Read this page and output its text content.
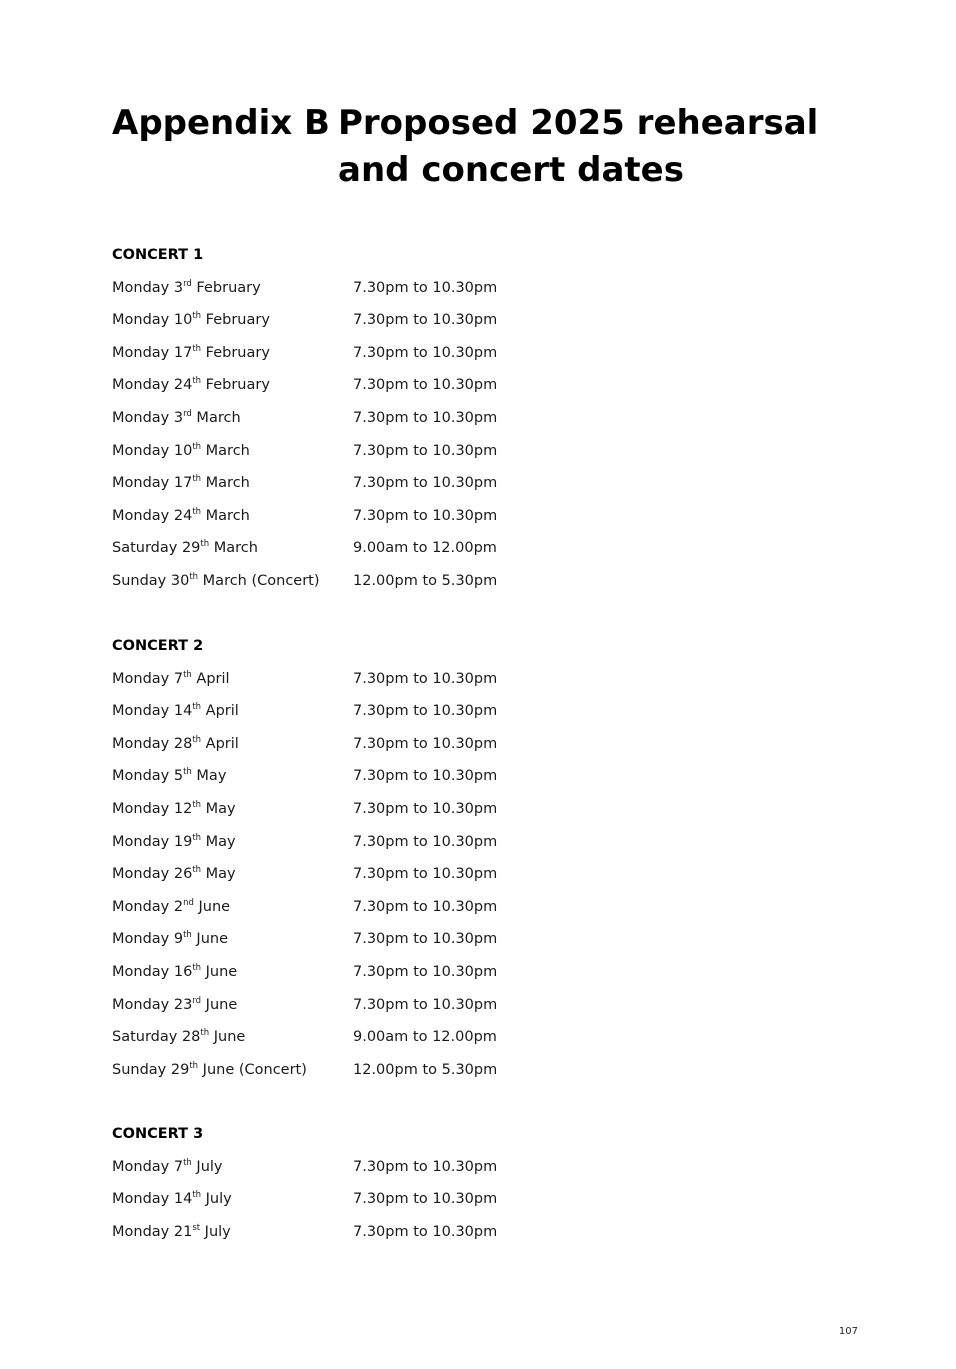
Appendix B Proposed 2025 rehearsal and concert dates
CONCERT 1
Monday 3rd February	7.30pm to 10.30pm
Monday 10th February	7.30pm to 10.30pm
Monday 17th February	7.30pm to 10.30pm
Monday 24th February	7.30pm to 10.30pm
Monday 3rd March	7.30pm to 10.30pm
Monday 10th March	7.30pm to 10.30pm
Monday 17th March	7.30pm to 10.30pm
Monday 24th March	7.30pm to 10.30pm
Saturday 29th March	9.00am to 12.00pm
Sunday 30th March (Concert) 12.00pm to 5.30pm
CONCERT 2
Monday 7th April	7.30pm to 10.30pm
Monday 14th April	7.30pm to 10.30pm
Monday 28th April	7.30pm to 10.30pm
Monday 5th May	7.30pm to 10.30pm
Monday 12th May	7.30pm to 10.30pm
Monday 19th May	7.30pm to 10.30pm
Monday 26th May	7.30pm to 10.30pm
Monday 2nd June	7.30pm to 10.30pm
Monday 9th June	7.30pm to 10.30pm
Monday 16th June	7.30pm to 10.30pm
Monday 23rd June	7.30pm to 10.30pm
Saturday 28th June	9.00am to 12.00pm
Sunday 29th June (Concert)	12.00pm to 5.30pm
CONCERT 3
Monday 7th July	7.30pm to 10.30pm
Monday 14th July	7.30pm to 10.30pm
Monday 21st July	7.30pm to 10.30pm
107
